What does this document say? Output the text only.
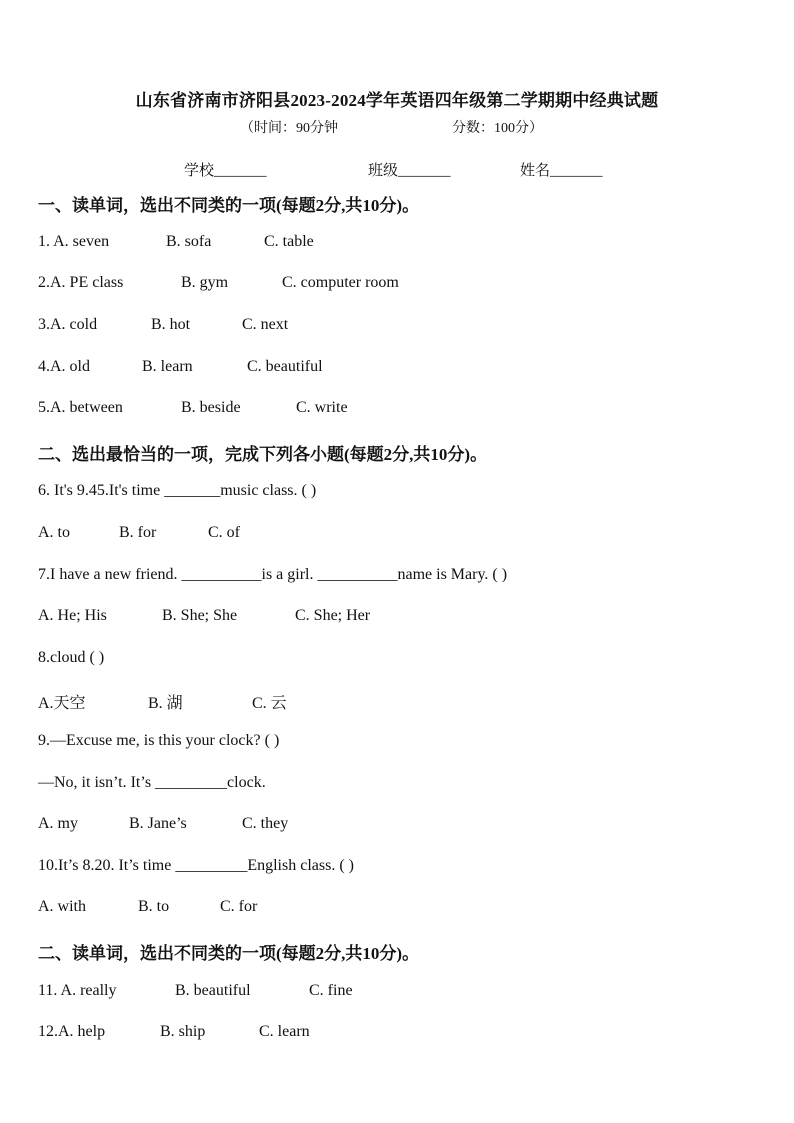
山东省济南市济阳县2023-2024学年英语四年级第二学期期中经典试题
（时间：90分钟	分数：100分）
学校_______	班级_______	姓名_______
一、读单词，选出不同类的一项(每题2分,共10分)。
1. A. seven	B. sofa	C. table
2.A. PE class	B. gym	C. computer room
3.A. cold	B. hot	C. next
4.A. old	B. learn	C. beautiful
5.A. between	B. beside	C. write
二、选出最恰当的一项，完成下列各小题(每题2分,共10分)。
6. It's 9.45.It's time _______music class. ( )
A. to	B. for	C. of
7.I have a new friend. __________is a girl. __________name is Mary. ( )
A. He; His	B. She; She	C. She; Her
8.cloud ( )
A.天空	B. 湖	C. 云
9.—Excuse me, is this your clock? ( )
—No, it isn’t. It’s _________clock.
A. my	B. Jane’s	C. they
10.It’s 8.20. It’s time _________English class. ( )
A. with	B. to	C. for
二、读单词，选出不同类的一项(每题2分,共10分)。
11. A. really	B. beautiful	C. fine
12.A. help	B. ship	C. learn
